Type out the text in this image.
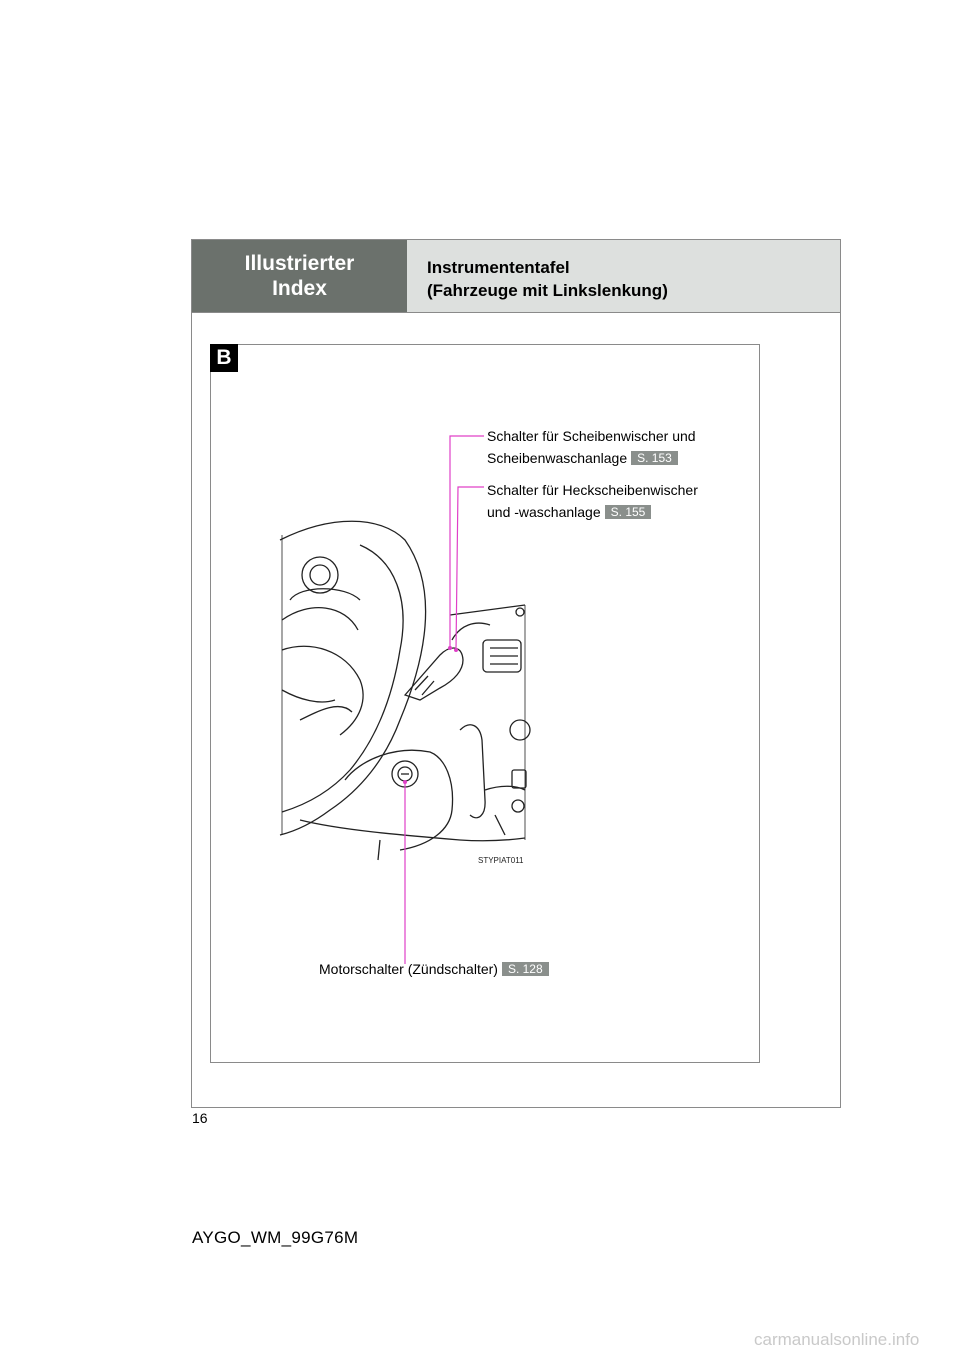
Illustrierter
Index
Instrumententafel
(Fahrzeuge mit Linkslenkung)
B
Schalter für Scheibenwischer und
Scheibenwaschanlage S. 153
Schalter für Heckscheibenwischer
und -waschanlage S. 155
Motorschalter (Zündschalter) S. 128
STYPIAT011
16
AYGO_WM_99G76M
carmanualsonline.info
